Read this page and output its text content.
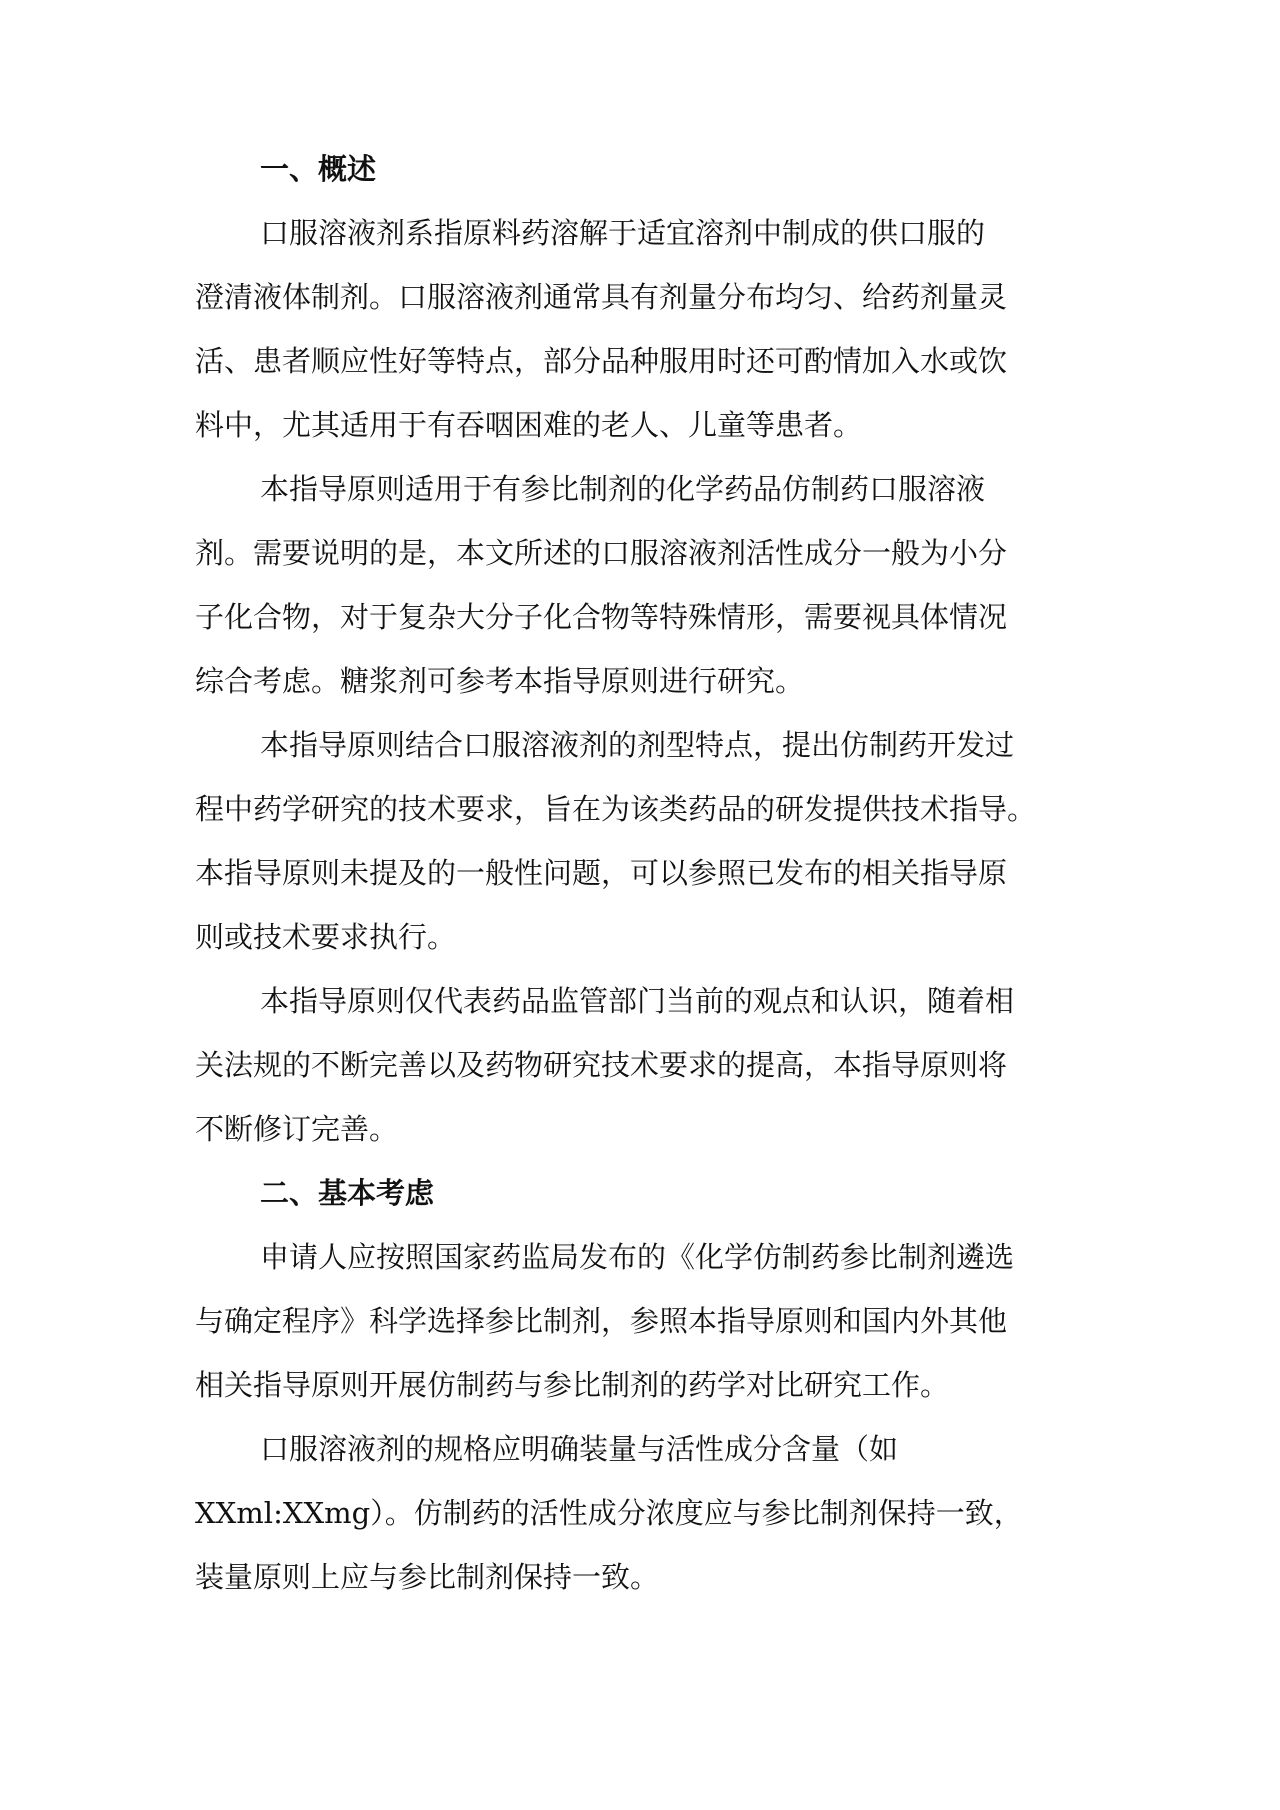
一、概述
口服溶液剂系指原料药溶解于适宜溶剂中制成的供口服的
澄清液体制剂。口服溶液剂通常具有剂量分布均匀、给药剂量灵
活、患者顺应性好等特点，部分品种服用时还可酌情加入水或饮
料中，尤其适用于有吞咽困难的老人、儿童等患者。
本指导原则适用于有参比制剂的化学药品仿制药口服溶液
剂。需要说明的是，本文所述的口服溶液剂活性成分一般为小分
子化合物，对于复杂大分子化合物等特殊情形，需要视具体情况
综合考虑。糖浆剂可参考本指导原则进行研究。
本指导原则结合口服溶液剂的剂型特点，提出仿制药开发过
程中药学研究的技术要求，旨在为该类药品的研发提供技术指导。
本指导原则未提及的一般性问题，可以参照已发布的相关指导原
则或技术要求执行。
本指导原则仅代表药品监管部门当前的观点和认识，随着相
关法规的不断完善以及药物研究技术要求的提高，本指导原则将
不断修订完善。
二、基本考虑
申请人应按照国家药监局发布的《化学仿制药参比制剂遴选
与确定程序》科学选择参比制剂，参照本指导原则和国内外其他
相关指导原则开展仿制药与参比制剂的药学对比研究工作。
口服溶液剂的规格应明确装量与活性成分含量（如
XXml:XXmg）。仿制药的活性成分浓度应与参比制剂保持一致，
装量原则上应与参比制剂保持一致。
